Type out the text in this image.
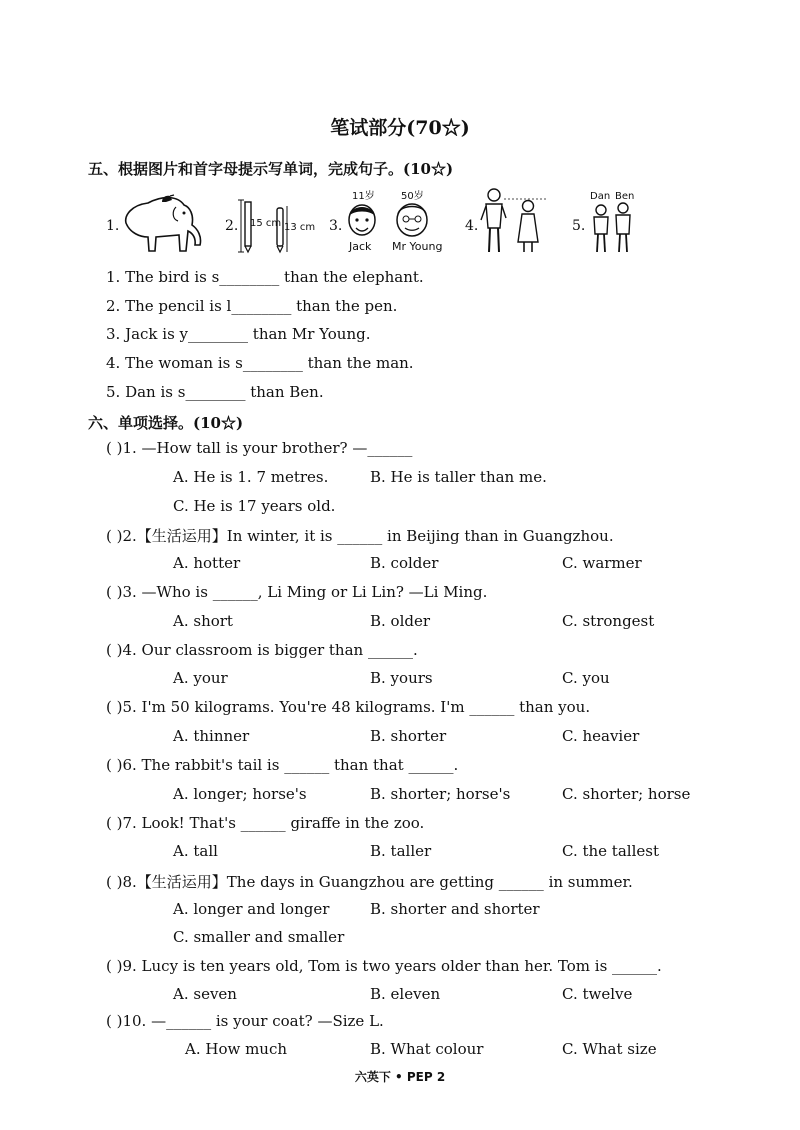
笔试部分(70☆)
五、根据图片和首字母提示写单词，完成句子。(10☆)
1.	2. 15 cm 13 cm 3.
11岁	50岁
Jack Mr Young
4.	5.
Dan Ben
1. The bird is s________ than the elephant.
2. The pencil is l________ than the pen.
3. Jack is y________ than Mr Young.
4. The woman is s________ than the man.
5. Dan is s________ than Ben.
六、单项选择。(10☆)
( )1. —How tall is your brother? —______
A. He is 1. 7 metres.	B. He is taller than me.
C. He is 17 years old.
( )2.【生活运用】In winter, it is ______ in Beijing than in Guangzhou.
A. hotter	B. colder	C. warmer
( )3. —Who is ______, Li Ming or Li Lin? —Li Ming.
A. short	B. older	C. strongest
( )4. Our classroom is bigger than ______.
A. your	B. yours	C. you
( )5. I'm 50 kilograms. You're 48 kilograms. I'm ______ than you.
A. thinner	B. shorter	C. heavier
( )6. The rabbit's tail is ______ than that ______.
A. longer; horse's	B. shorter; horse's	C. shorter; horse
( )7. Look! That's ______ giraffe in the zoo.
A. tall	B. taller	C. the tallest
( )8.【生活运用】The days in Guangzhou are getting ______ in summer.
A. longer and longer	B. shorter and shorter
C. smaller and smaller
( )9. Lucy is ten years old, Tom is two years older than her. Tom is ______.
A. seven	B. eleven	C. twelve
( )10. —______ is your coat? —Size L.
A. How much	B. What colour	C. What size
六英下 • PEP 2
